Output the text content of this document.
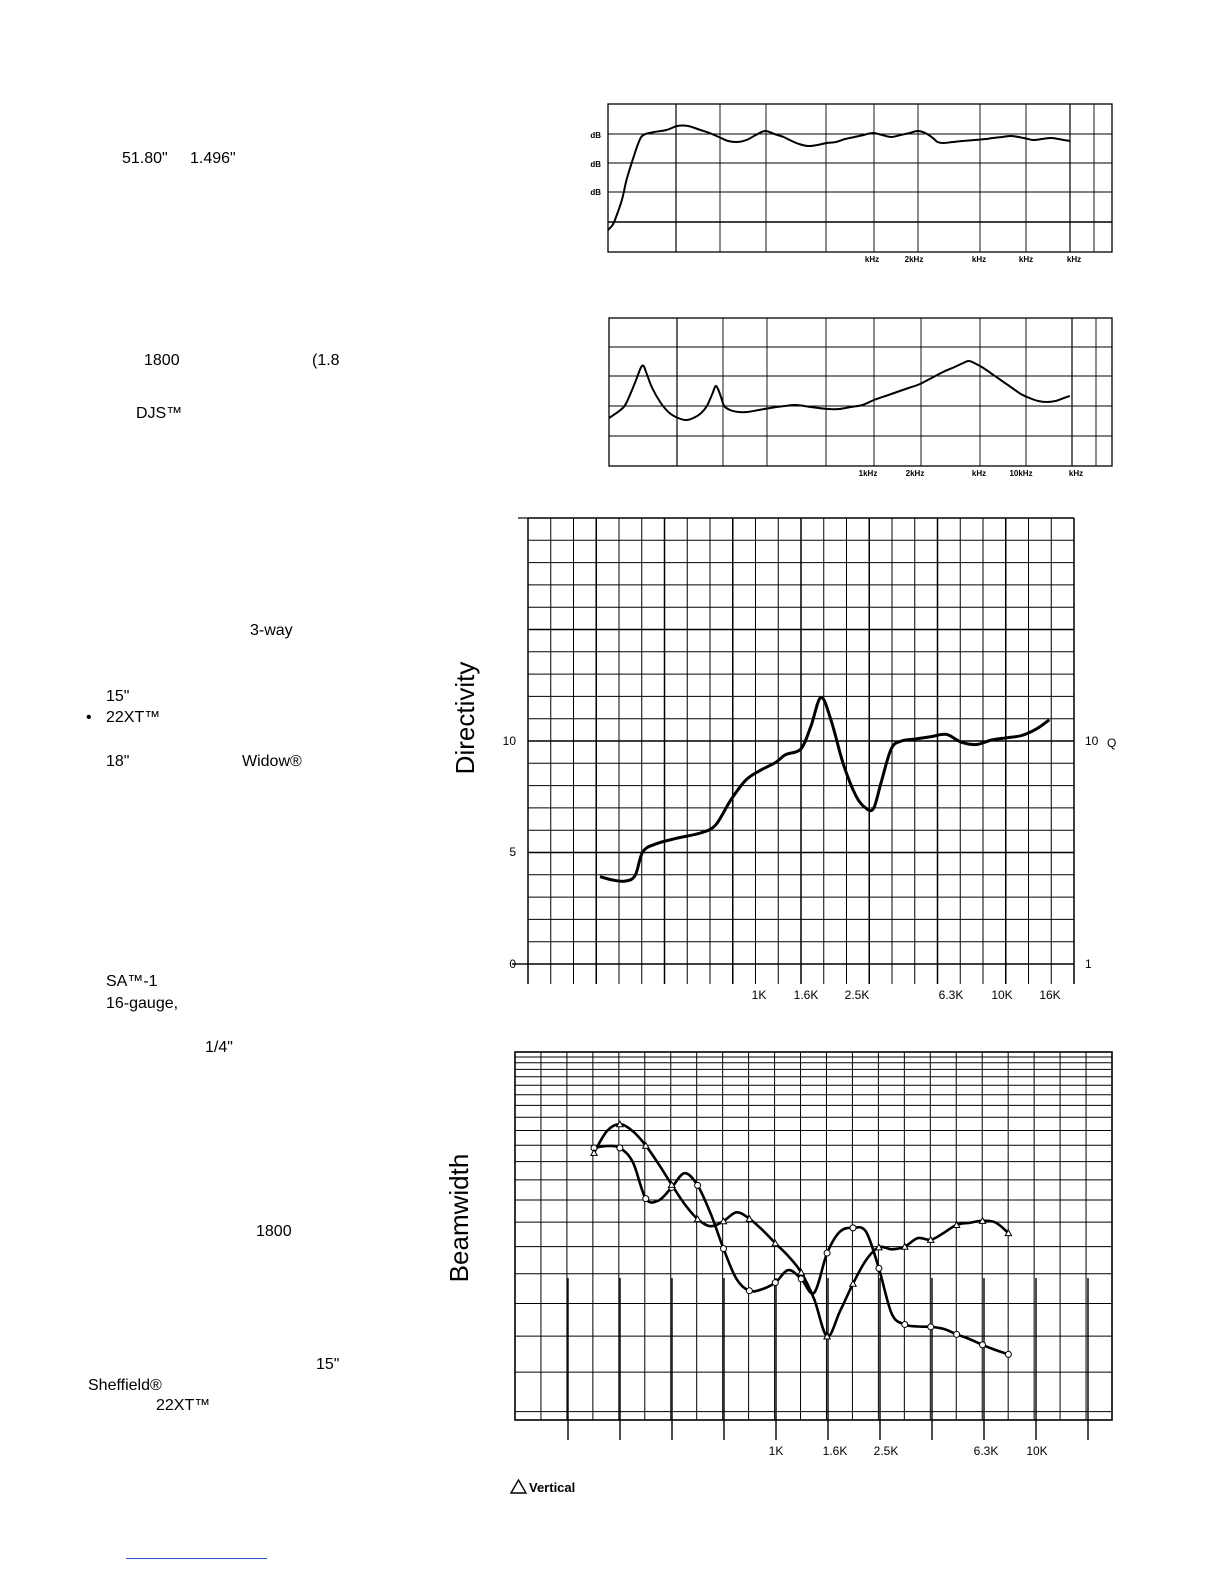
51.80" 1.496"
1800	(1.8
DJS™
3-way
15"
• 22XT™
18"	Widow®
SA™-1
16-gauge,
1/4"
1800
15"
Sheffield®
22XT™
dB
dB
dB
kHz	2kHz	kHz	kHz	kHz
1kHz	2kHz	kHz	10kHz	kHz
Directivity 10
5
0
10 Q
1
1K 1.6K 2.5K	6.3K 10K 16K
Beamwidth
1K	1.6K 2.5K	6.3K 10K
Vertical
